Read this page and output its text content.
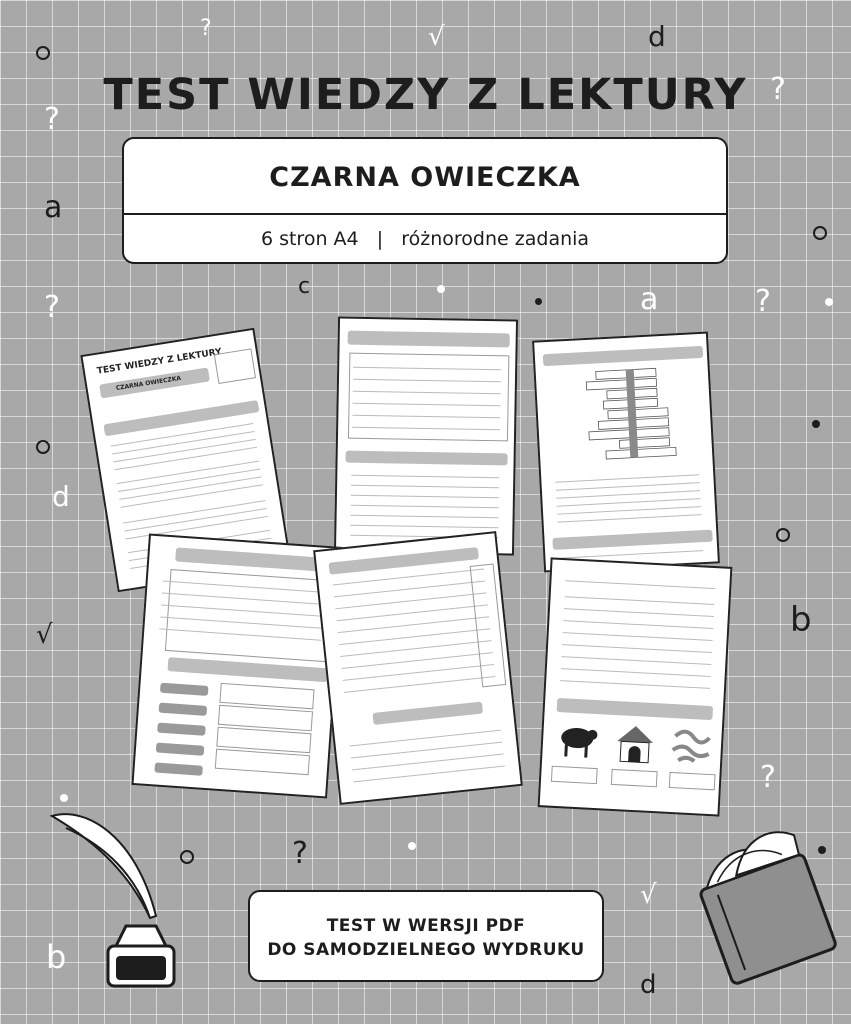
?	√	d
?
?
a
?	?
a
c
d
b
√
?
?
d
b
√
TEST WIEDZY Z LEKTURY
CZARNA OWIECZKA
6 stron A4   |   różnorodne zadania
TEST WIEDZY Z LEKTURY
CZARNA OWIECZKA
TEST W WERSJI PDF
DO SAMODZIELNEGO WYDRUKU
